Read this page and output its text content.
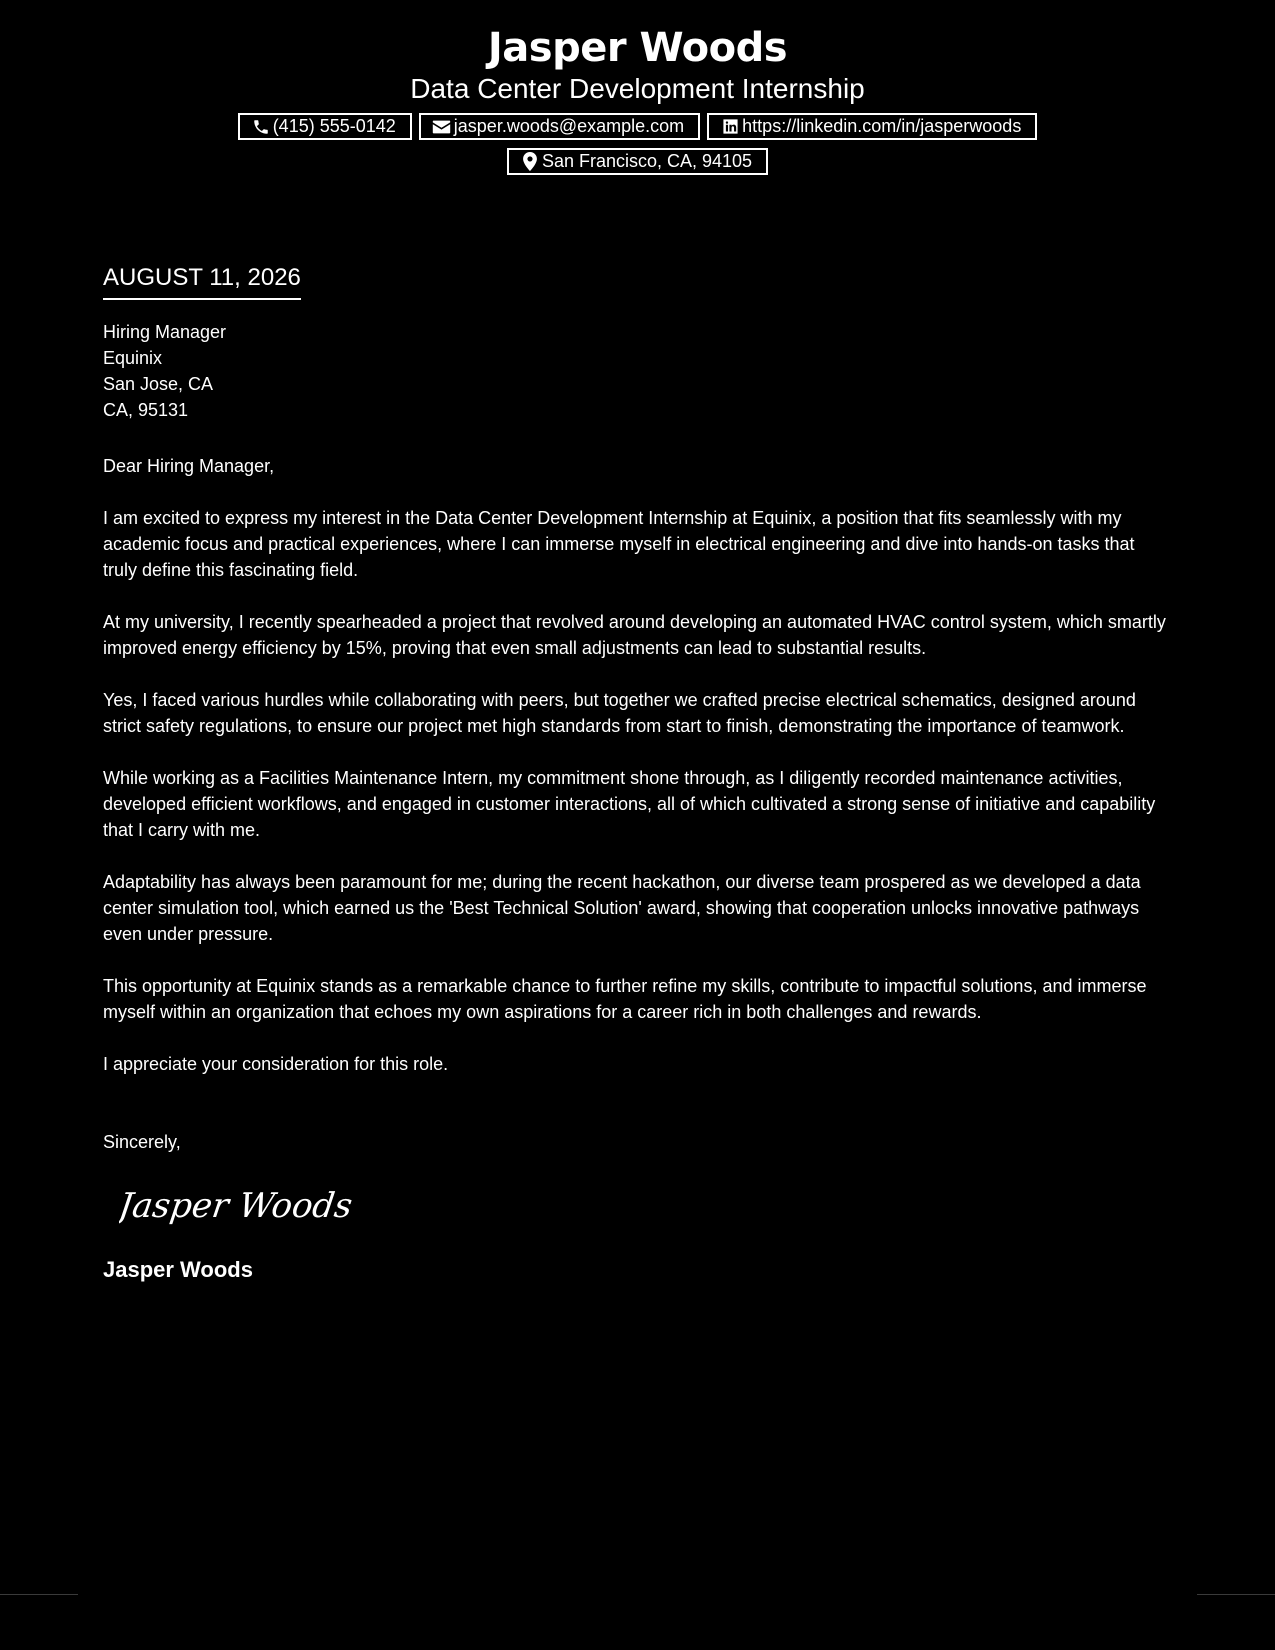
Jasper Woods
Data Center Development Internship
(415) 555-0142	jasper.woods@example.com	https://linkedin.com/in/jasperwoods
San Francisco, CA, 94105
AUGUST 11, 2026
Hiring Manager
Equinix
San Jose, CA
CA, 95131
Dear Hiring Manager,
I am excited to express my interest in the Data Center Development Internship at Equinix, a position that fits seamlessly with my academic focus and practical experiences, where I can immerse myself in electrical engineering and dive into hands-on tasks that truly define this fascinating field.
At my university, I recently spearheaded a project that revolved around developing an automated HVAC control system, which smartly improved energy efficiency by 15%, proving that even small adjustments can lead to substantial results.
Yes, I faced various hurdles while collaborating with peers, but together we crafted precise electrical schematics, designed around strict safety regulations, to ensure our project met high standards from start to finish, demonstrating the importance of teamwork.
While working as a Facilities Maintenance Intern, my commitment shone through, as I diligently recorded maintenance activities, developed efficient workflows, and engaged in customer interactions, all of which cultivated a strong sense of initiative and capability that I carry with me.
Adaptability has always been paramount for me; during the recent hackathon, our diverse team prospered as we developed a data center simulation tool, which earned us the 'Best Technical Solution' award, showing that cooperation unlocks innovative pathways even under pressure.
This opportunity at Equinix stands as a remarkable chance to further refine my skills, contribute to impactful solutions, and immerse myself within an organization that echoes my own aspirations for a career rich in both challenges and rewards.
I appreciate your consideration for this role.
Sincerely,
Jasper Woods
Jasper Woods
